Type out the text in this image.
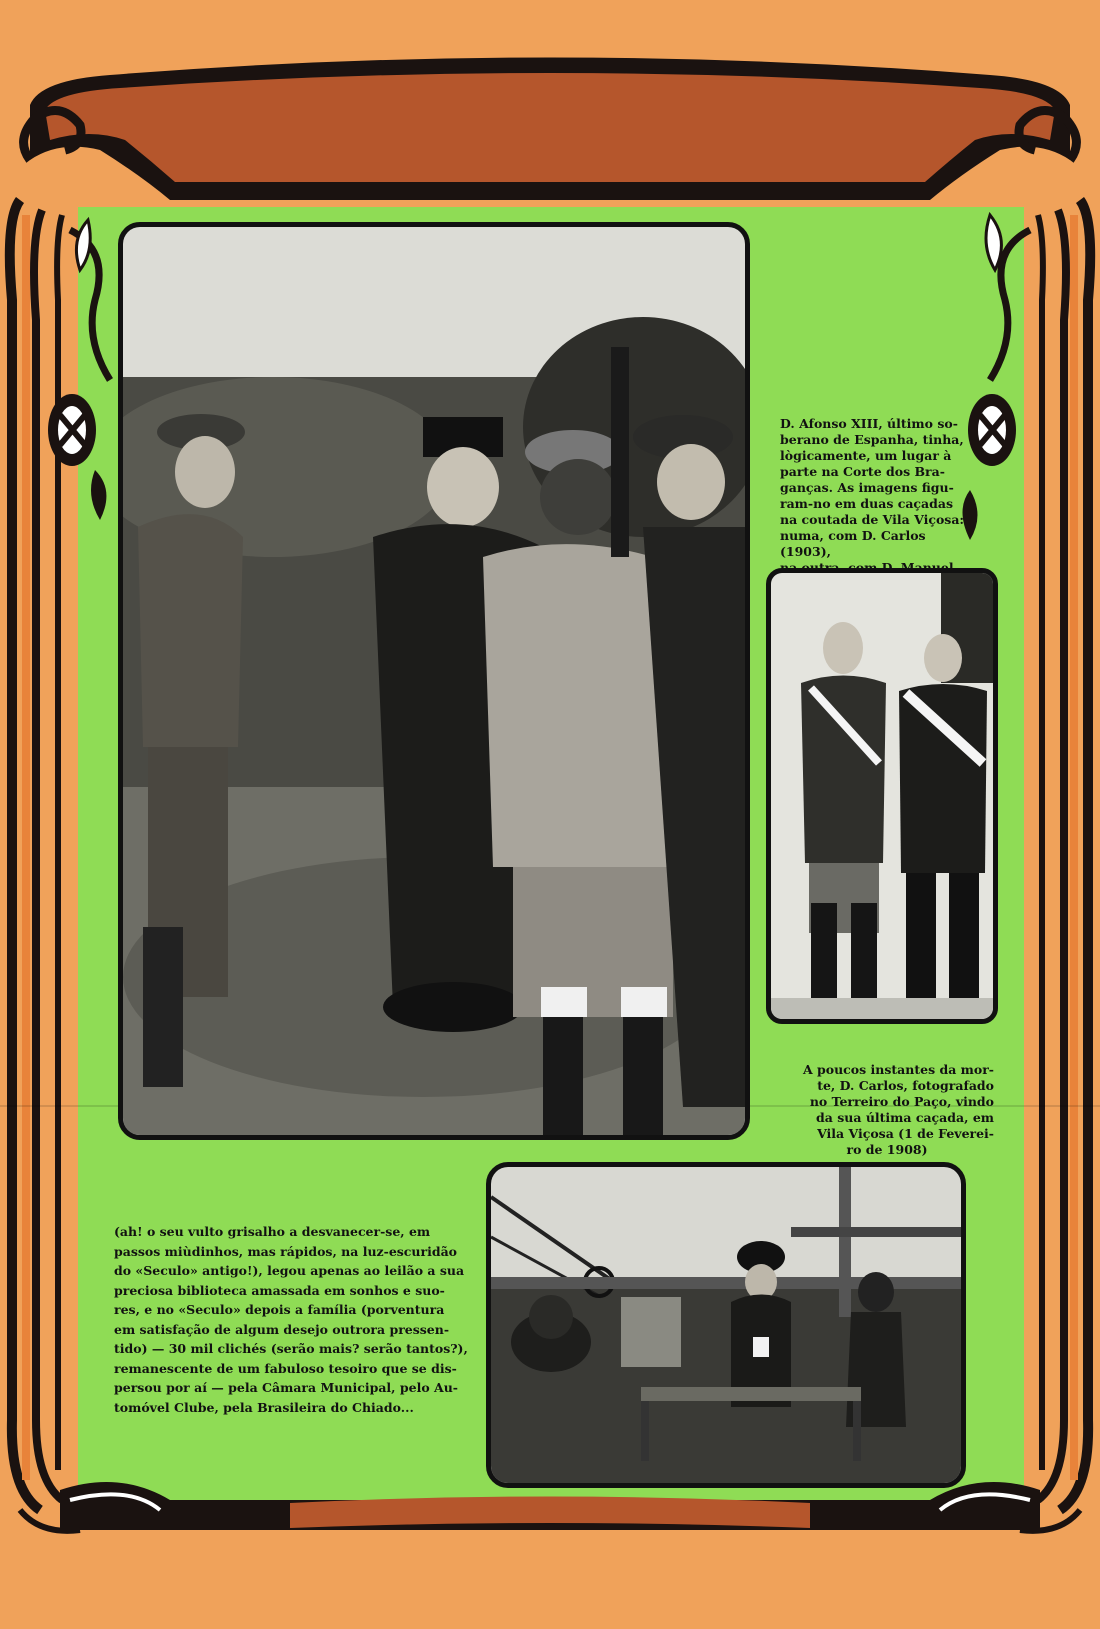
D. Afonso XIII, último so-

berano de Espanha, tinha,

lògicamente, um lugar à

parte na Corte dos Bra-

ganças. As imagens figu-

ram-no em duas caçadas

na coutada de Vila Viçosa:

numa, com D. Carlos (1903),

A poucos instantes da mor-

te, D. Carlos, fotografado

no Terreiro do Paço, vindo

da sua última caçada, em

Vila Viçosa (1 de Feverei-

ro de 1908)

(ah! o seu vulto grisalho a desvanecer-se, em

passos miùdinhos, mas rápidos, na luz-escuridão

do «Seculo» antigo!), legou apenas ao leilão a sua

preciosa biblioteca amassada em sonhos e suo-

res, e no «Seculo» depois a família (porventura

em satisfação de algum desejo outrora pressen-

tido) — 30 mil clichés (serão mais? serão tantos?),

remanescente de um fabuloso tesoiro que se dis-

persou por aí — pela Câmara Municipal, pelo Au-

tomóvel Clube, pela Brasileira do Chiado...
